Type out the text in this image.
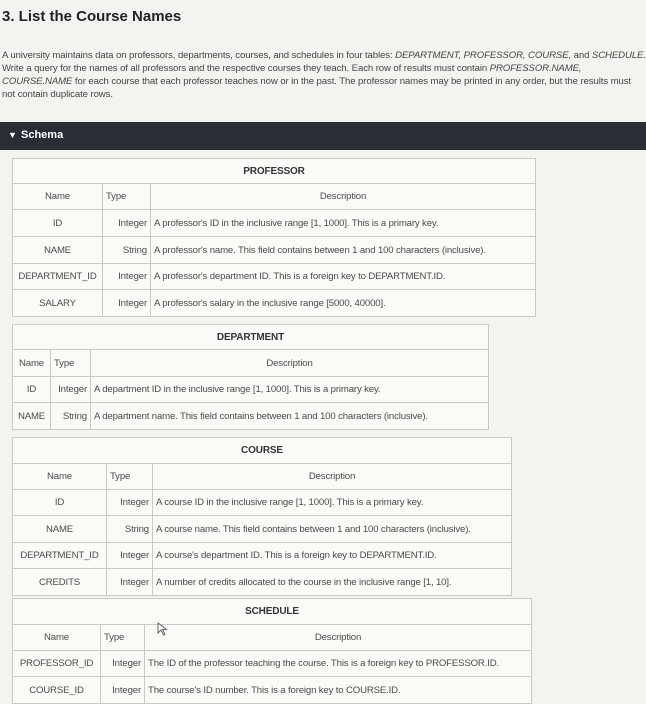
3. List the Course Names
A university maintains data on professors, departments, courses, and schedules in four tables: DEPARTMENT, PROFESSOR, COURSE, and SCHEDULE. Write a query for the names of all professors and the respective courses they teach. Each row of results must contain PROFESSOR.NAME, COURSE.NAME for each course that each professor teaches now or in the past. The professor names may be printed in any order, but the results must not contain duplicate rows.
▼ Schema
PROFESSOR		
Name	Type	Description
ID	Integer	A professor's ID in the inclusive range [1, 1000]. This is a primary key.
NAME	String	A professor's name. This field contains between 1 and 100 characters (inclusive).
DEPARTMENT_ID	Integer	A professor's department ID. This is a foreign key to DEPARTMENT.ID.
SALARY	Integer	A professor's salary in the inclusive range [5000, 40000].
DEPARTMENT		
Name	Type	Description
ID	Integer	A department ID in the inclusive range [1, 1000]. This is a primary key.
NAME	String	A department name. This field contains between 1 and 100 characters (inclusive).
COURSE		
Name	Type	Description
ID	Integer	A course ID in the inclusive range [1, 1000]. This is a primary key.
NAME	String	A course name. This field contains between 1 and 100 characters (inclusive).
DEPARTMENT_ID	Integer	A course's department ID. This is a foreign key to DEPARTMENT.ID.
CREDITS	Integer	A number of credits allocated to the course in the inclusive range [1, 10].
SCHEDULE		
Name	Type	Description
PROFESSOR_ID	Integer	The ID of the professor teaching the course. This is a foreign key to PROFESSOR.ID.
COURSE_ID	Integer	The course's ID number. This is a foreign key to COURSE.ID.
